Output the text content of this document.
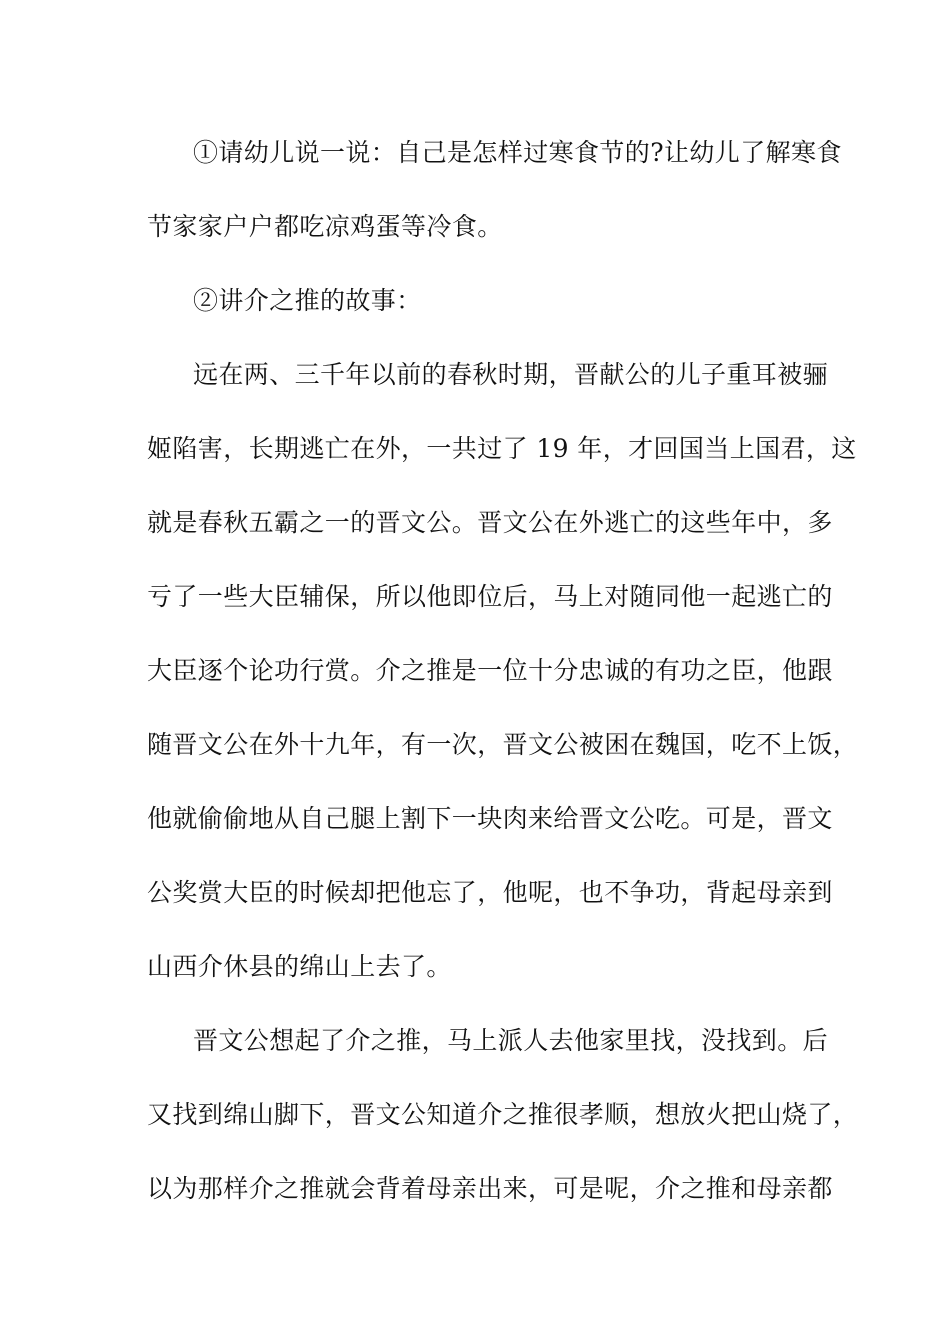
①请幼儿说一说：自己是怎样过寒食节的?让幼儿了解寒食
节家家户户都吃凉鸡蛋等冷食。
②讲介之推的故事：
远在两、三千年以前的春秋时期，晋献公的儿子重耳被骊
姬陷害，长期逃亡在外，一共过了 19 年，才回国当上国君，这
就是春秋五霸之一的晋文公。晋文公在外逃亡的这些年中，多
亏了一些大臣辅保，所以他即位后，马上对随同他一起逃亡的
大臣逐个论功行赏。介之推是一位十分忠诚的有功之臣，他跟
随晋文公在外十九年，有一次，晋文公被困在魏国，吃不上饭，
他就偷偷地从自己腿上割下一块肉来给晋文公吃。可是，晋文
公奖赏大臣的时候却把他忘了，他呢，也不争功，背起母亲到
山西介休县的绵山上去了。
晋文公想起了介之推，马上派人去他家里找，没找到。后
又找到绵山脚下，晋文公知道介之推很孝顺，想放火把山烧了，
以为那样介之推就会背着母亲出来，可是呢，介之推和母亲都
